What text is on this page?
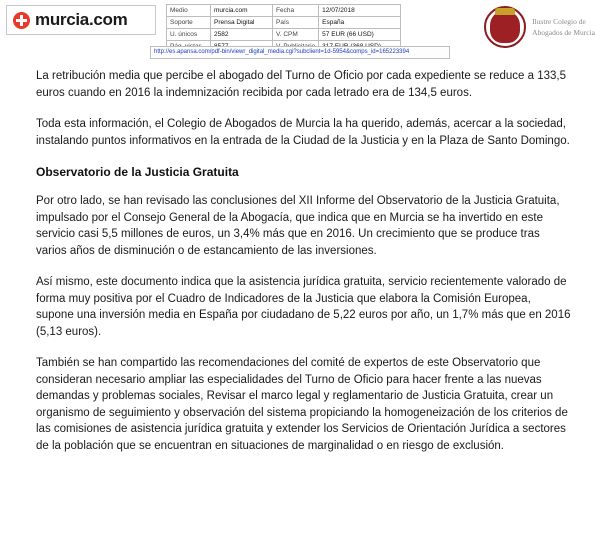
murcia.com	Medio	murcia.com	Fecha	12/07/2018
Soporte	Prensa Digital	País	España
U. únicos	2582	V. CPM	57 EUR (66 USD)

Ilustre Colegio de
Abogados de Murcia
http://es.apansa.com/pdf-bin/viewr_digital_media.cgi?subclient=1d-5954&comps_id=165223394

La retribución media que percibe el abogado del Turno de Oficio por cada expediente se reduce a 133,5 euros cuando en 2016 la indemnización recibida por cada letrado era de 134,5 euros.

Toda esta información, el Colegio de Abogados de Murcia la ha querido, además, acercar a la sociedad, instalando puntos informativos en la entrada de la Ciudad de la Justicia y en la Plaza de Santo Domingo.

Observatorio de la Justicia Gratuita

Por otro lado, se han revisado las conclusiones del XII Informe del Observatorio de la Justicia Gratuita, impulsado por el Consejo General de la Abogacía, que indica que en Murcia se ha invertido en este servicio casi 5,5 millones de euros, un 3,4% más que en 2016. Un crecimiento que se produce tras varios años de disminución o de estancamiento de las inversiones.

Así mismo, este documento indica que la asistencia jurídica gratuita, servicio recientemente valorado de forma muy positiva por el Cuadro de Indicadores de la Justicia que elabora la Comisión Europea, supone una inversión media en España por ciudadano de 5,22 euros por año, un 1,7% más que en 2016 (5,13 euros).

También se han compartido las recomendaciones del comité de expertos de este Observatorio que consideran necesario ampliar las especialidades del Turno de Oficio para hacer frente a las nuevas demandas y problemas sociales, Revisar el marco legal y reglamentario de Justicia Gratuita, crear un organismo de seguimiento y observación del sistema propiciando la homogeneización de los criterios de las comisiones de asistencia jurídica gratuita y extender los Servicios de Orientación Jurídica a sectores de la población que se encuentran en situaciones de marginalidad o en riesgo de exclusión.
